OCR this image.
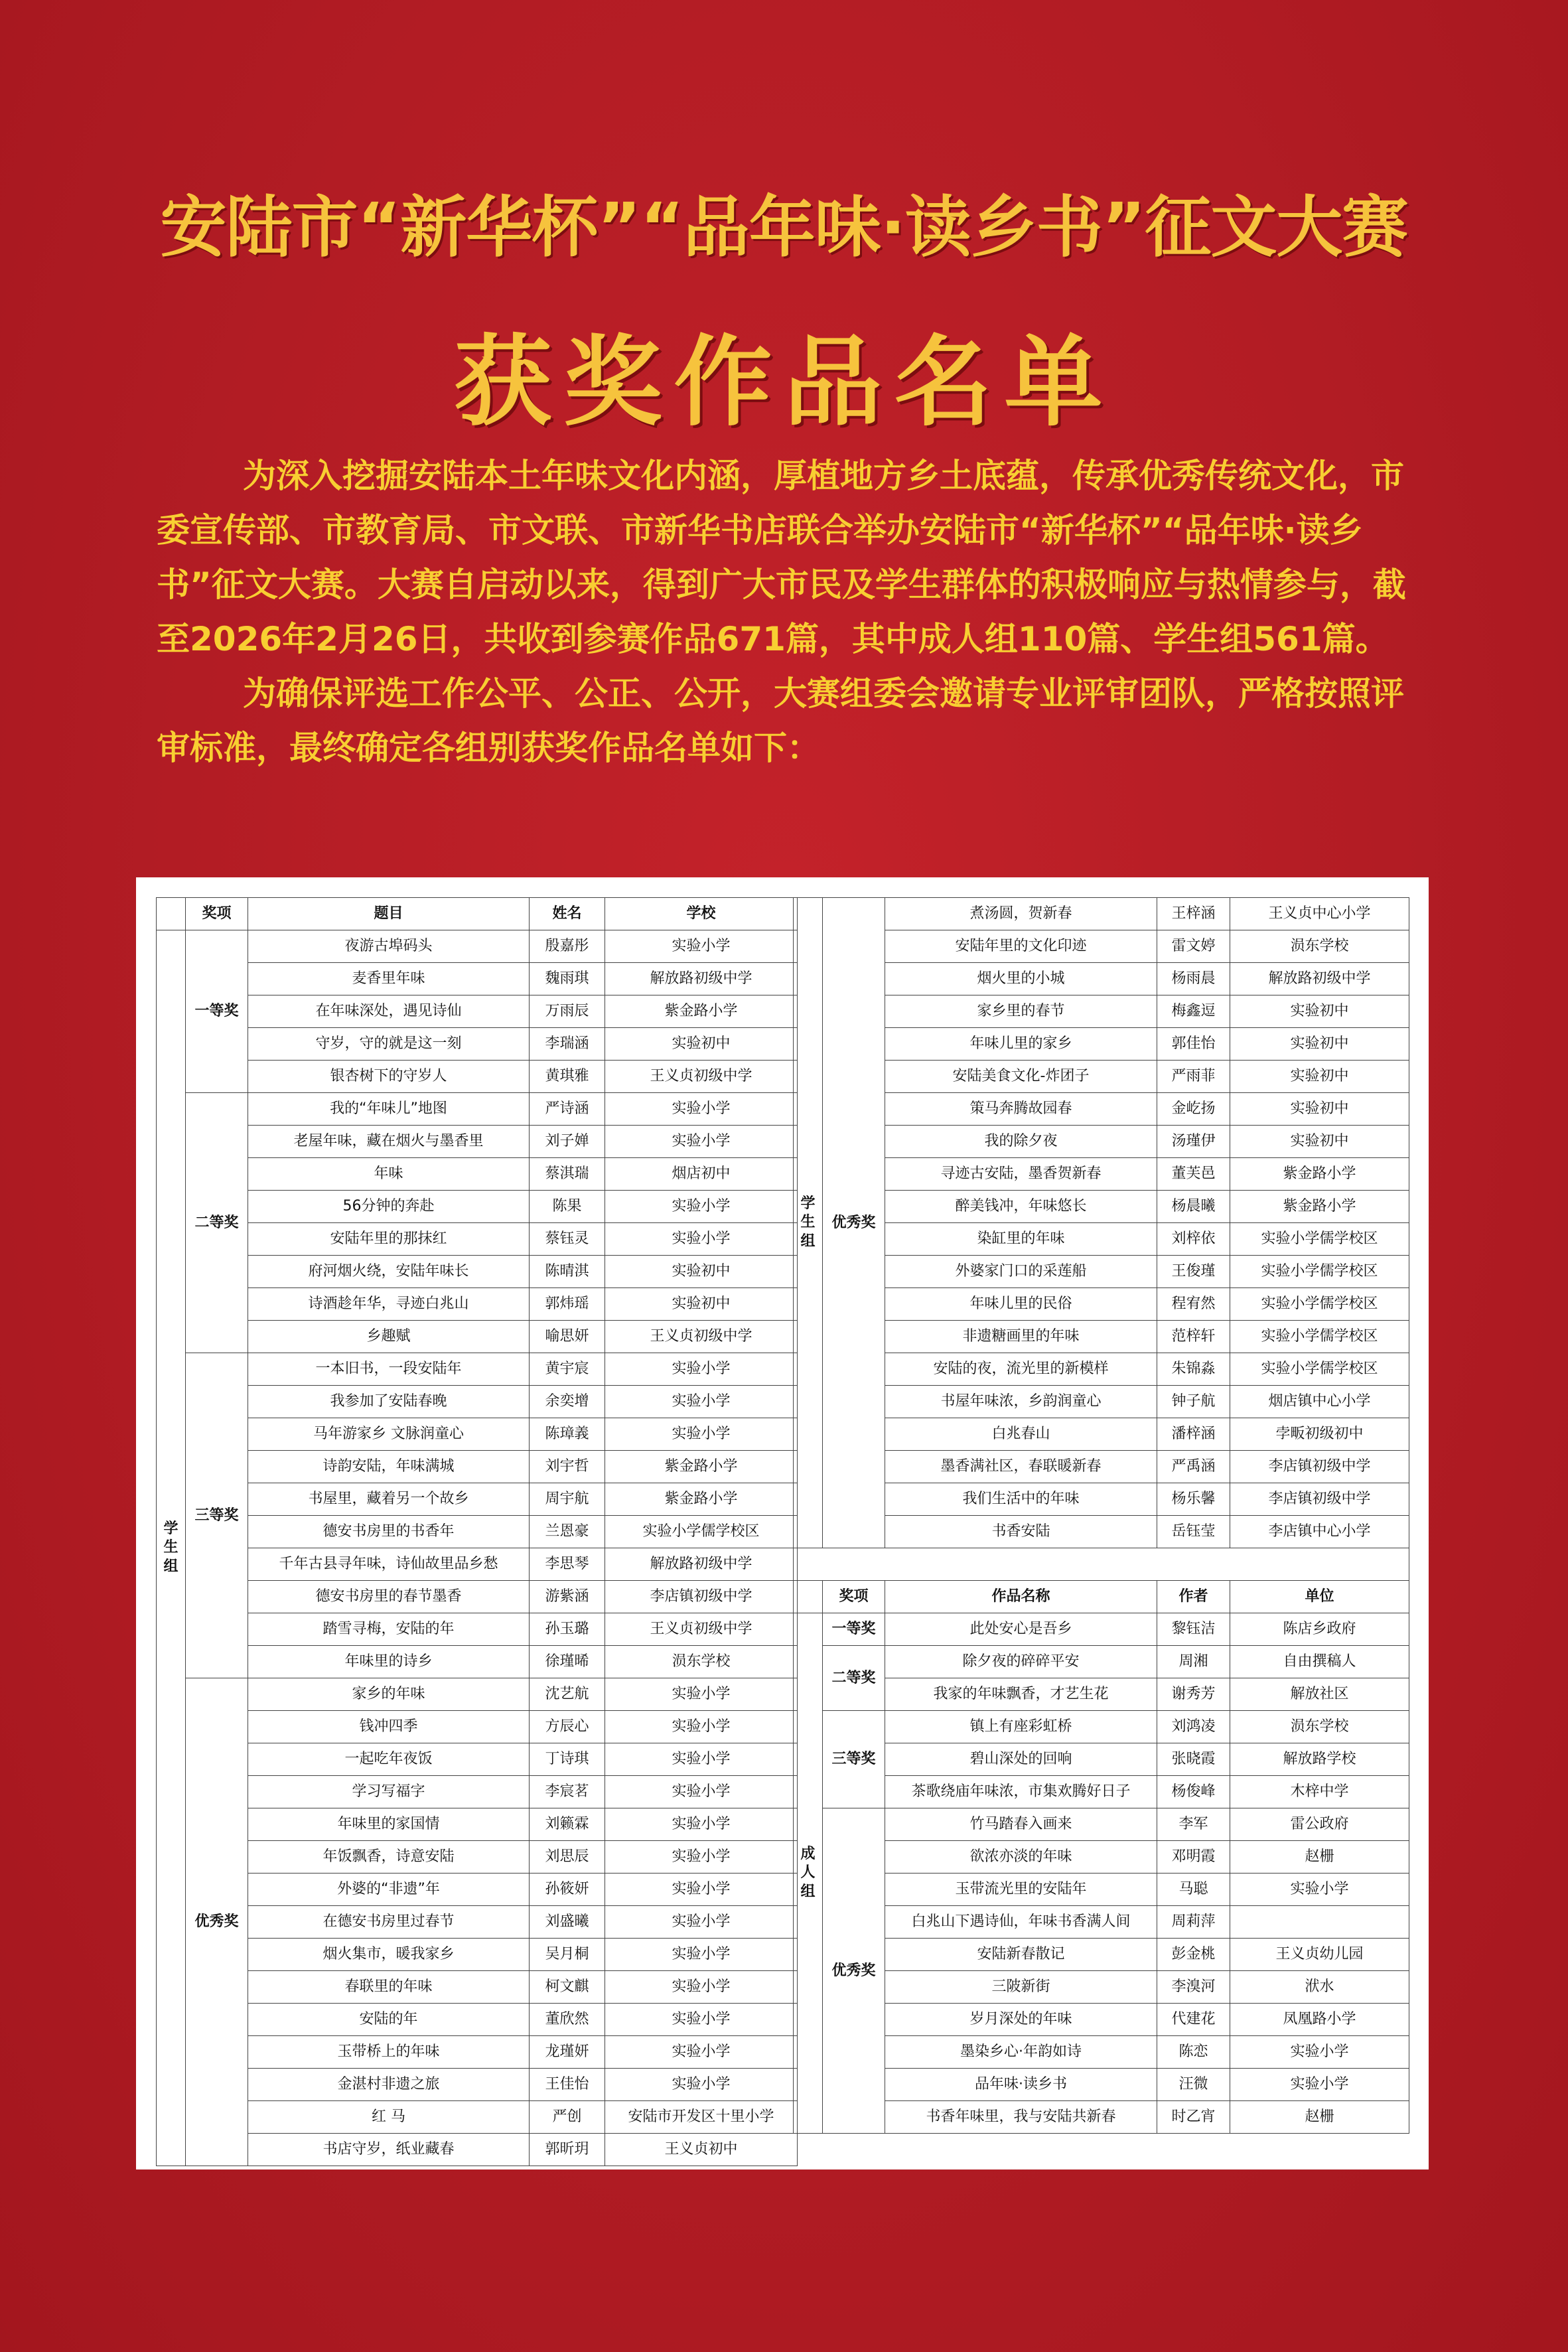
安陆市“新华杯”“品年味·读乡书”征文大赛
获奖作品名单

为深入挖掘安陆本土年味文化内涵，厚植地方乡土底蕴，传承优秀传统文化，市委宣传部、市教育局、市文联、市新华书店联合举办安陆市“新华杯”“品年味·读乡书”征文大赛。大赛自启动以来，得到广大市民及学生群体的积极响应与热情参与，截至2026年2月26日，共收到参赛作品671篇，其中成人组110篇、学生组561篇。

为确保评选工作公平、公正、公开，大赛组委会邀请专业评审团队，严格按照评审标准，最终确定各组别获奖作品名单如下：

	奖项	题目	姓名	学校
学生组	一等奖	夜游古埠码头	殷嘉彤	实验小学
		麦香里年味	魏雨琪	解放路初级中学
		在年味深处，遇见诗仙	万雨辰	紫金路小学
		守岁，守的就是这一刻	李瑞涵	实验初中
		银杏树下的守岁人	黄琪雅	王义贞初级中学
	二等奖	我的“年味儿”地图	严诗涵	实验小学
		老屋年味，藏在烟火与墨香里	刘子婵	实验小学
		年味	蔡淇瑞	烟店初中
		56分钟的奔赴	陈果	实验小学
		安陆年里的那抹红	蔡钰灵	实验小学
		府河烟火绕，安陆年味长	陈晴淇	实验初中
		诗酒趁年华，寻迹白兆山	郭炜瑶	实验初中
		乡趣赋	喻思妍	王义贞初级中学
	三等奖	一本旧书，一段安陆年	黄宇宸	实验小学
		我参加了安陆春晚	余奕增	实验小学
		马年游家乡 文脉润童心	陈璋義	实验小学
		诗韵安陆，年味满城	刘宇哲	紫金路小学
		书屋里，藏着另一个故乡	周宇航	紫金路小学
		德安书房里的书香年	兰恩豪	实验小学儒学校区
		千年古县寻年味，诗仙故里品乡愁	李思琴	解放路初级中学
		德安书房里的春节墨香	游紫涵	李店镇初级中学
		踏雪寻梅，安陆的年	孙玉璐	王义贞初级中学
		年味里的诗乡	徐瑾晞	涢东学校
	优秀奖	家乡的年味	沈艺航	实验小学
		钱冲四季	方辰心	实验小学
		一起吃年夜饭	丁诗琪	实验小学
		学习写福字	李宸茗	实验小学
		年味里的家国情	刘籁霖	实验小学
		年饭飘香，诗意安陆	刘思辰	实验小学
		外婆的“非遗”年	孙筱妍	实验小学
		在德安书房里过春节	刘盛曦	实验小学
		烟火集市，暖我家乡	吴月桐	实验小学
		春联里的年味	柯文麒	实验小学
		安陆的年	董欣然	实验小学
		玉带桥上的年味	龙瑾妍	实验小学
		金湛村非遗之旅	王佳怡	实验小学
		红 马	严创	安陆市开发区十里小学
		书店守岁，纸业藏春	郭昕玥	王义贞初中
学生组	优秀奖	煮汤圆，贺新春	王梓涵	王义贞中心小学
		安陆年里的文化印迹	雷文婷	涢东学校
		烟火里的小城	杨雨晨	解放路初级中学
		家乡里的春节	梅鑫逗	实验初中
		年味儿里的家乡	郭佳怡	实验初中
		安陆美食文化-炸团子	严雨菲	实验初中
		策马奔腾故园春	金屹扬	实验初中
		我的除夕夜	汤瑾伊	实验初中
		寻迹古安陆，墨香贺新春	董芙邑	紫金路小学
		醉美钱冲，年味悠长	杨晨曦	紫金路小学
		染缸里的年味	刘梓依	实验小学儒学校区
		外婆家门口的采莲船	王俊瑾	实验小学儒学校区
		年味儿里的民俗	程宥然	实验小学儒学校区
		非遗糖画里的年味	范梓轩	实验小学儒学校区
		安陆的夜，流光里的新模样	朱锦淼	实验小学儒学校区
		书屋年味浓，乡韵润童心	钟子航	烟店镇中心小学
		白兆春山	潘梓涵	孛畈初级初中
		墨香满社区，春联暖新春	严禹涵	李店镇初级中学
		我们生活中的年味	杨乐馨	李店镇初级中学
		书香安陆	岳钰莹	李店镇中心小学

	奖项	作品名称	作者	单位
成人组	一等奖	此处安心是吾乡	黎钰洁	陈店乡政府
	二等奖	除夕夜的碎碎平安	周湘	自由撰稿人
		我家的年味飘香，才艺生花	谢秀芳	解放社区
	三等奖	镇上有座彩虹桥	刘鸿凌	涢东学校
		碧山深处的回响	张晓霞	解放路学校
		茶歌绕庙年味浓，市集欢腾好日子	杨俊峰	木梓中学
	优秀奖	竹马踏春入画来	李军	雷公政府
		欲浓亦淡的年味	邓明霞	赵栅
		玉带流光里的安陆年	马聪	实验小学
		白兆山下遇诗仙，年味书香满人间	周莉萍	
		安陆新春散记	彭金桃	王义贞幼儿园
		三陂新街	李溴河	洑水
		岁月深处的年味	代建花	凤凰路小学
		墨染乡心·年韵如诗	陈恋	实验小学
		品年味·读乡书	汪微	实验小学
		书香年味里，我与安陆共新春	时乙宵	赵栅
